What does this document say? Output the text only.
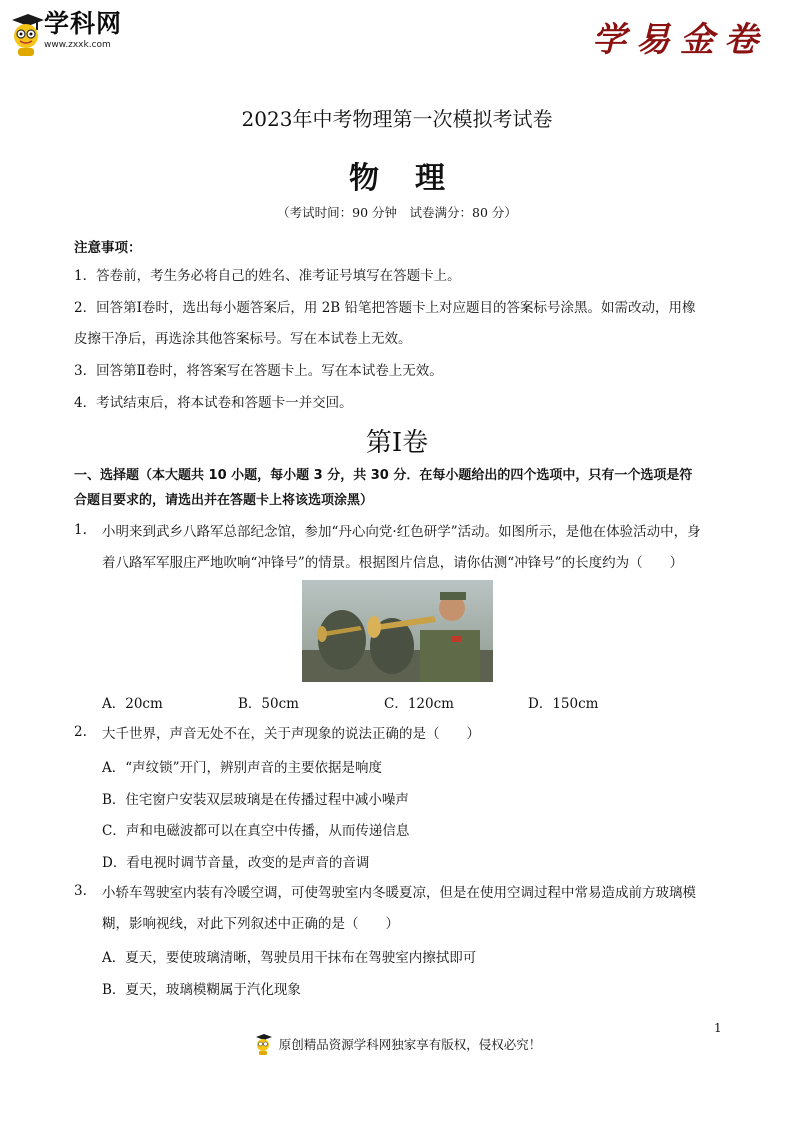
学科网
www.zxxk.com	学易金卷
2023年中考物理第一次模拟考试卷
物理
（考试时间：90 分钟　试卷满分：80 分）
注意事项：
1．答卷前，考生务必将自己的姓名、准考证号填写在答题卡上。
2．回答第Ⅰ卷时，选出每小题答案后，用 2B 铅笔把答题卡上对应题目的答案标号涂黑。如需改动，用橡
皮擦干净后，再选涂其他答案标号。写在本试卷上无效。
3．回答第Ⅱ卷时，将答案写在答题卡上。写在本试卷上无效。
4．考试结束后，将本试卷和答题卡一并交回。
第Ⅰ卷
一、选择题（本大题共 10 小题，每小题 3 分，共 30 分．在每小题给出的四个选项中，只有一个选项是符
合题目要求的，请选出并在答题卡上将该选项涂黑）
1. 小明来到武乡八路军总部纪念馆，参加“丹心向党·红色研学”活动。如图所示，是他在体验活动中，身
着八路军军服庄严地吹响“冲锋号”的情景。根据图片信息，请你估测“冲锋号”的长度约为（　　）
A．20cm	B．50cm	C．120cm	D．150cm
2. 大千世界，声音无处不在，关于声现象的说法正确的是（　　）
A．“声纹锁”开门，辨别声音的主要依据是响度
B．住宅窗户安装双层玻璃是在传播过程中减小噪声
C．声和电磁波都可以在真空中传播，从而传递信息
D．看电视时调节音量，改变的是声音的音调
3. 小轿车驾驶室内装有冷暖空调，可使驾驶室内冬暖夏凉，但是在使用空调过程中常易造成前方玻璃模
糊，影响视线，对此下列叙述中正确的是（　　）
A．夏天，要使玻璃清晰，驾驶员用干抹布在驾驶室内擦拭即可
B．夏天，玻璃模糊属于汽化现象
1
原创精品资源学科网独家享有版权，侵权必究！
